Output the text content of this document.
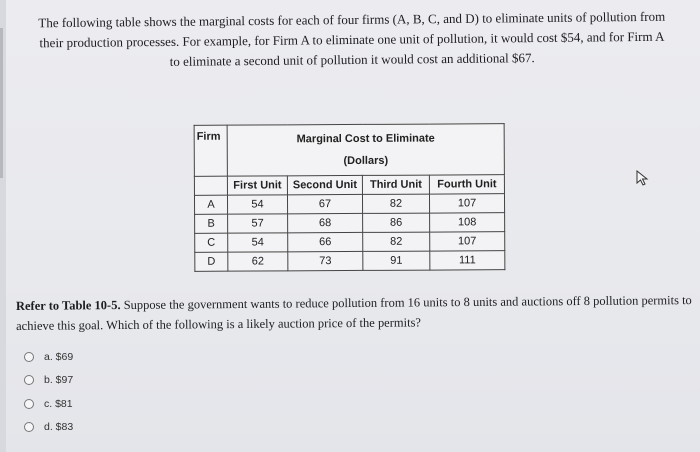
The following table shows the marginal costs for each of four firms (A, B, C, and D) to eliminate units of pollution from

their production processes. For example, for Firm A to eliminate one unit of pollution, it would cost $54, and for Firm A

to eliminate a second unit of pollution it would cost an additional $67.

Firm	Marginal Cost to Eliminate
(Dollars)			

	First Unit	Second Unit	Third Unit	Fourth Unit
A	54	67	82	107
B	57	68	86	108
C	54	66	82	107
D	62	73	91	111
Refer to Table 10-5. Suppose the government wants to reduce pollution from 16 units to 8 units and auctions off 8 pollution permits to achieve this goal. Which of the following is a likely auction price of the permits?
a. $69
b. $97
c. $81
d. $83
